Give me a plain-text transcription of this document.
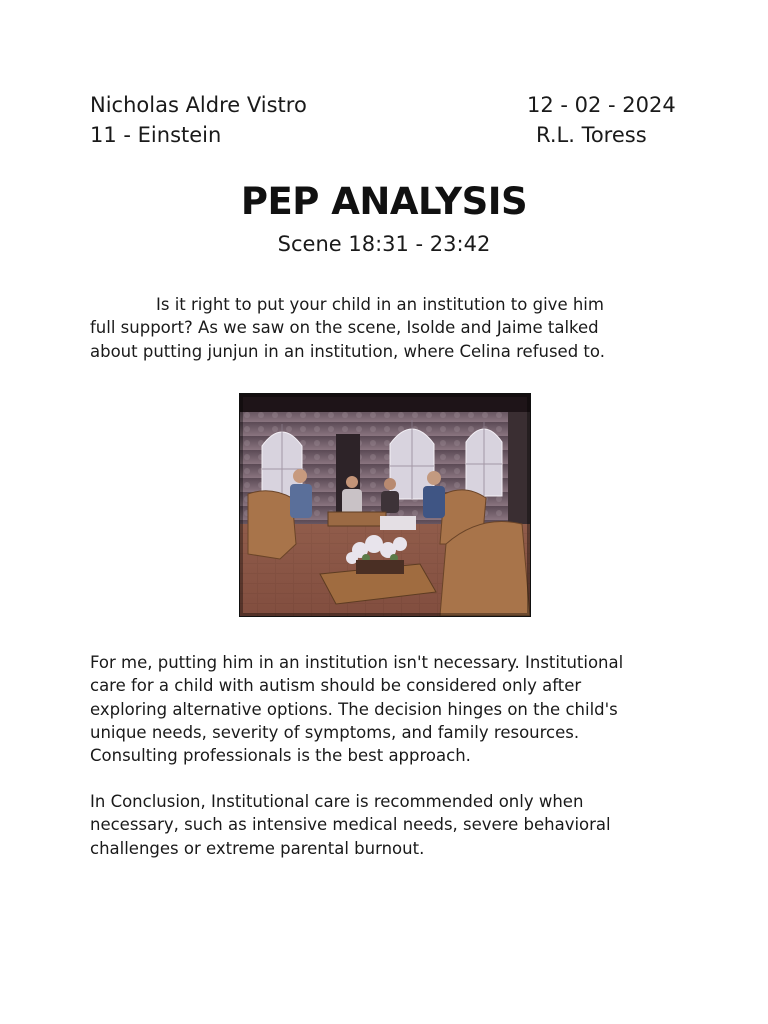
Nicholas Aldre Vistro
11 - Einstein
12 - 02 - 2024
R.L. Toress
PEP ANALYSIS
Scene 18:31 - 23:42
Is it right to put your child in an institution to give him
full support? As we saw on the scene, Isolde and Jaime talked
about putting junjun in an institution, where Celina refused to.
For me, putting him in an institution isn't necessary. Institutional
care for a child with autism should be considered only after
exploring alternative options. The decision hinges on the child's
unique needs, severity of symptoms, and family resources.
Consulting professionals is the best approach.
In Conclusion, Institutional care is recommended only when
necessary, such as intensive medical needs, severe behavioral
challenges or extreme parental burnout.
